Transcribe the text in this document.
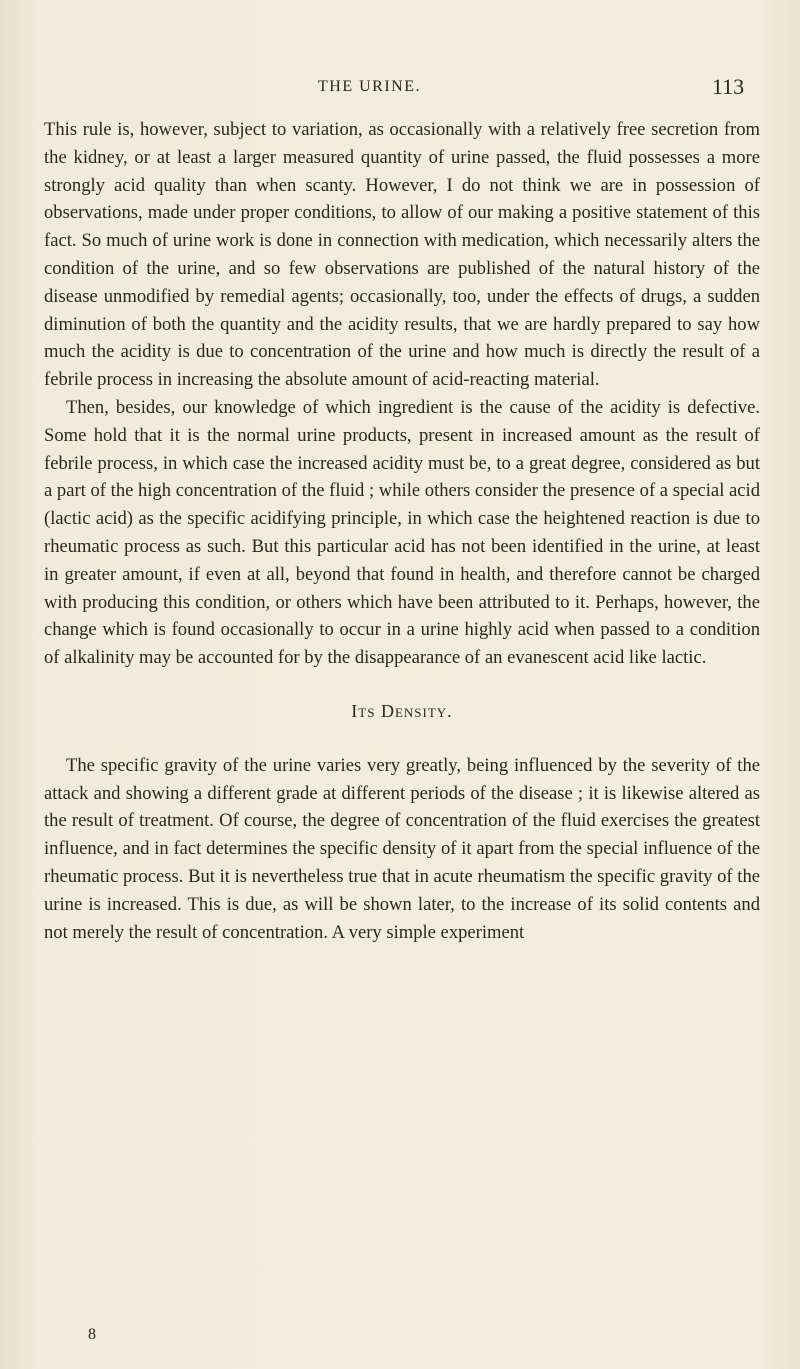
THE URINE.	113

This rule is, however, subject to variation, as occasionally with a relatively free secretion from the kidney, or at least a larger measured quantity of urine passed, the fluid possesses a more strongly acid quality than when scanty. However, I do not think we are in possession of observations, made under proper conditions, to allow of our making a positive statement of this fact. So much of urine work is done in connection with medication, which necessarily alters the condition of the urine, and so few observations are published of the natural history of the disease unmodified by remedial agents; occasionally, too, under the effects of drugs, a sudden diminution of both the quantity and the acidity results, that we are hardly prepared to say how much the acidity is due to concentration of the urine and how much is directly the result of a febrile process in increasing the absolute amount of acid-reacting material.

Then, besides, our knowledge of which ingredient is the cause of the acidity is defective. Some hold that it is the normal urine products, present in increased amount as the result of febrile process, in which case the increased acidity must be, to a great degree, considered as but a part of the high concentration of the fluid ; while others consider the presence of a special acid (lactic acid) as the specific acidifying principle, in which case the heightened reaction is due to rheumatic process as such. But this particular acid has not been identified in the urine, at least in greater amount, if even at all, beyond that found in health, and therefore cannot be charged with producing this condition, or others which have been attributed to it. Perhaps, however, the change which is found occasionally to occur in a urine highly acid when passed to a condition of alkalinity may be accounted for by the disappearance of an evanescent acid like lactic.

Its Density.

The specific gravity of the urine varies very greatly, being influenced by the severity of the attack and showing a different grade at different periods of the disease ; it is likewise altered as the result of treatment. Of course, the degree of concentration of the fluid exercises the greatest influence, and in fact determines the specific density of it apart from the special influence of the rheumatic process. But it is nevertheless true that in acute rheumatism the specific gravity of the urine is increased. This is due, as will be shown later, to the increase of its solid contents and not merely the result of concentration. A very simple experiment

8
